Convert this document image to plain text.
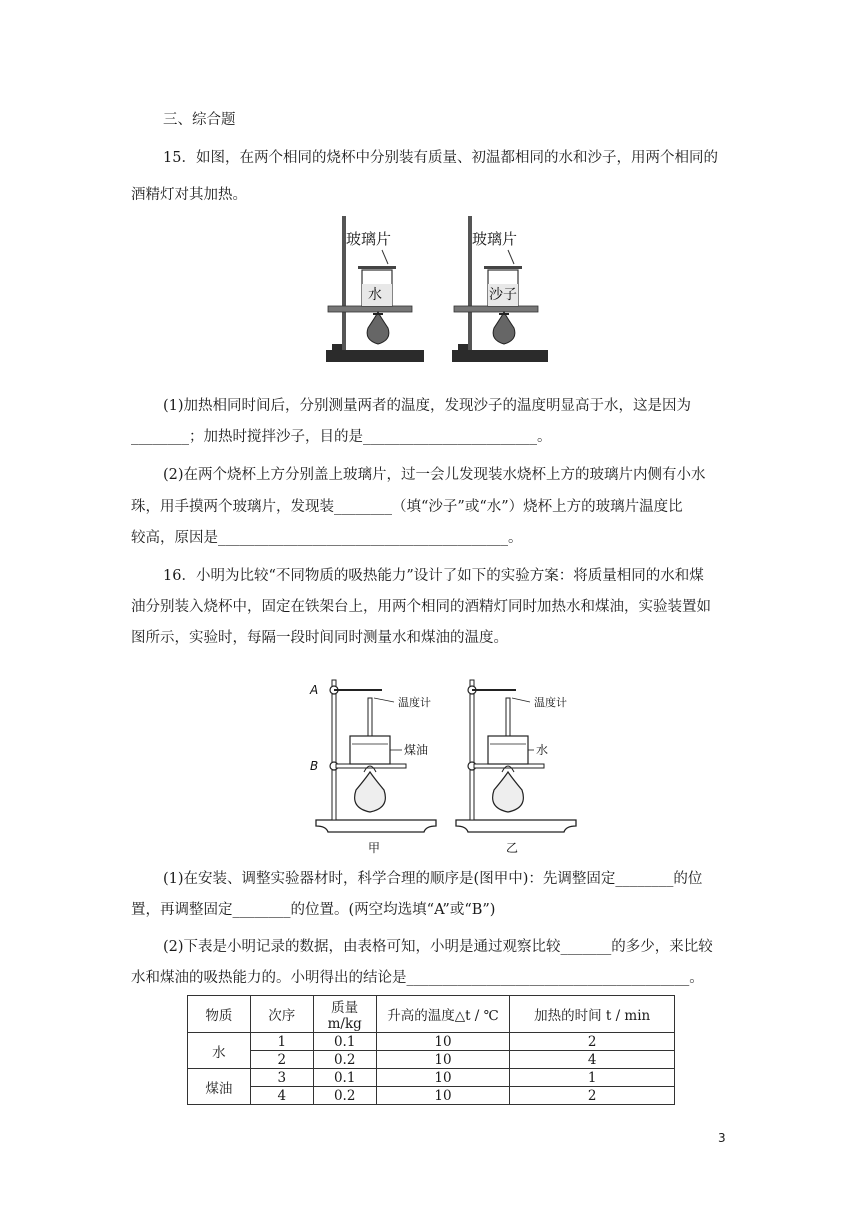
三、综合题
15．如图，在两个相同的烧杯中分别装有质量、初温都相同的水和沙子，用两个相同的
酒精灯对其加热。
玻璃片
水
玻璃片
沙子
(1)加热相同时间后，分别测量两者的温度，发现沙子的温度明显高于水，这是因为
________；加热时搅拌沙子，目的是________________________。
(2)在两个烧杯上方分别盖上玻璃片，过一会儿发现装水烧杯上方的玻璃片内侧有小水
珠，用手摸两个玻璃片，发现装________（填“沙子”或“水”）烧杯上方的玻璃片温度比
较高，原因是________________________________________。
16．小明为比较“不同物质的吸热能力”设计了如下的实验方案：将质量相同的水和煤
油分别装入烧杯中，固定在铁架台上，用两个相同的酒精灯同时加热水和煤油，实验装置如
图所示，实验时，每隔一段时间同时测量水和煤油的温度。
A
B
温度计
煤油
甲
温度计
水
乙
(1)在安装、调整实验器材时，科学合理的顺序是(图甲中)：先调整固定________的位
置，再调整固定________的位置。(两空均选填“A”或“B”)
(2)下表是小明记录的数据，由表格可知，小明是通过观察比较_______的多少，来比较
水和煤油的吸热能力的。小明得出的结论是_______________________________________。
物质	次序	质量 m/kg	升高的温度△t / ℃	加热的时间 t / min
水	1	0.1	10	2
	2	0.2	10	4
煤油	3	0.1	10	1
	4	0.2	10	2
3
